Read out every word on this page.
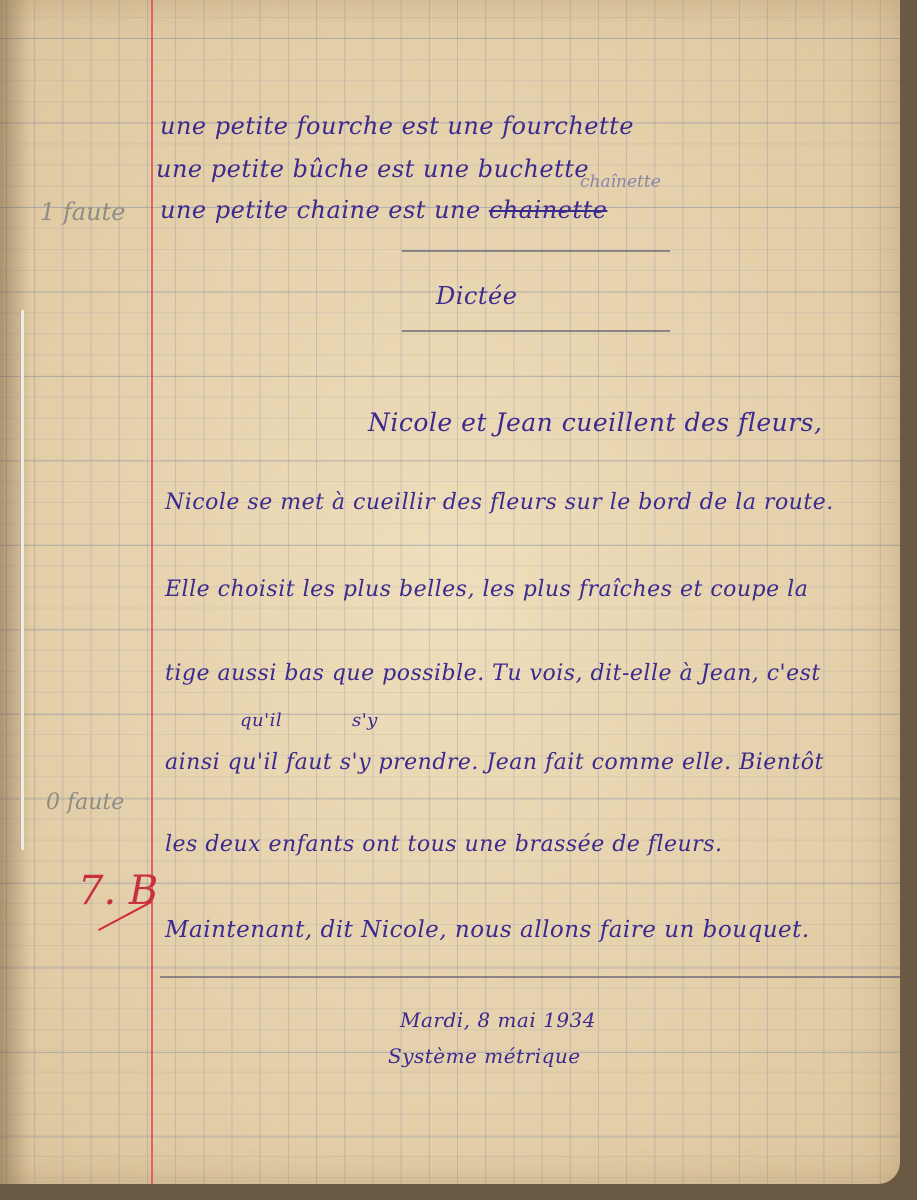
une petite fourche est une fourchette
une petite bûche est une buchette
une petite chaine est une chainette
chaînette
1 faute
Dictée
Nicole et Jean cueillent des fleurs,
Nicole se met à cueillir des fleurs sur le bord de la route.
Elle choisit les plus belles, les plus fraîches et coupe la
tige aussi bas que possible. Tu vois, dit-elle à Jean, c'est
qu'il	s'y
ainsi qu'il faut s'y prendre. Jean fait comme elle. Bientôt
0 faute
les deux enfants ont tous une brassée de fleurs.
7. B
Maintenant, dit Nicole, nous allons faire un bouquet.
Mardi, 8 mai 1934
Système métrique
